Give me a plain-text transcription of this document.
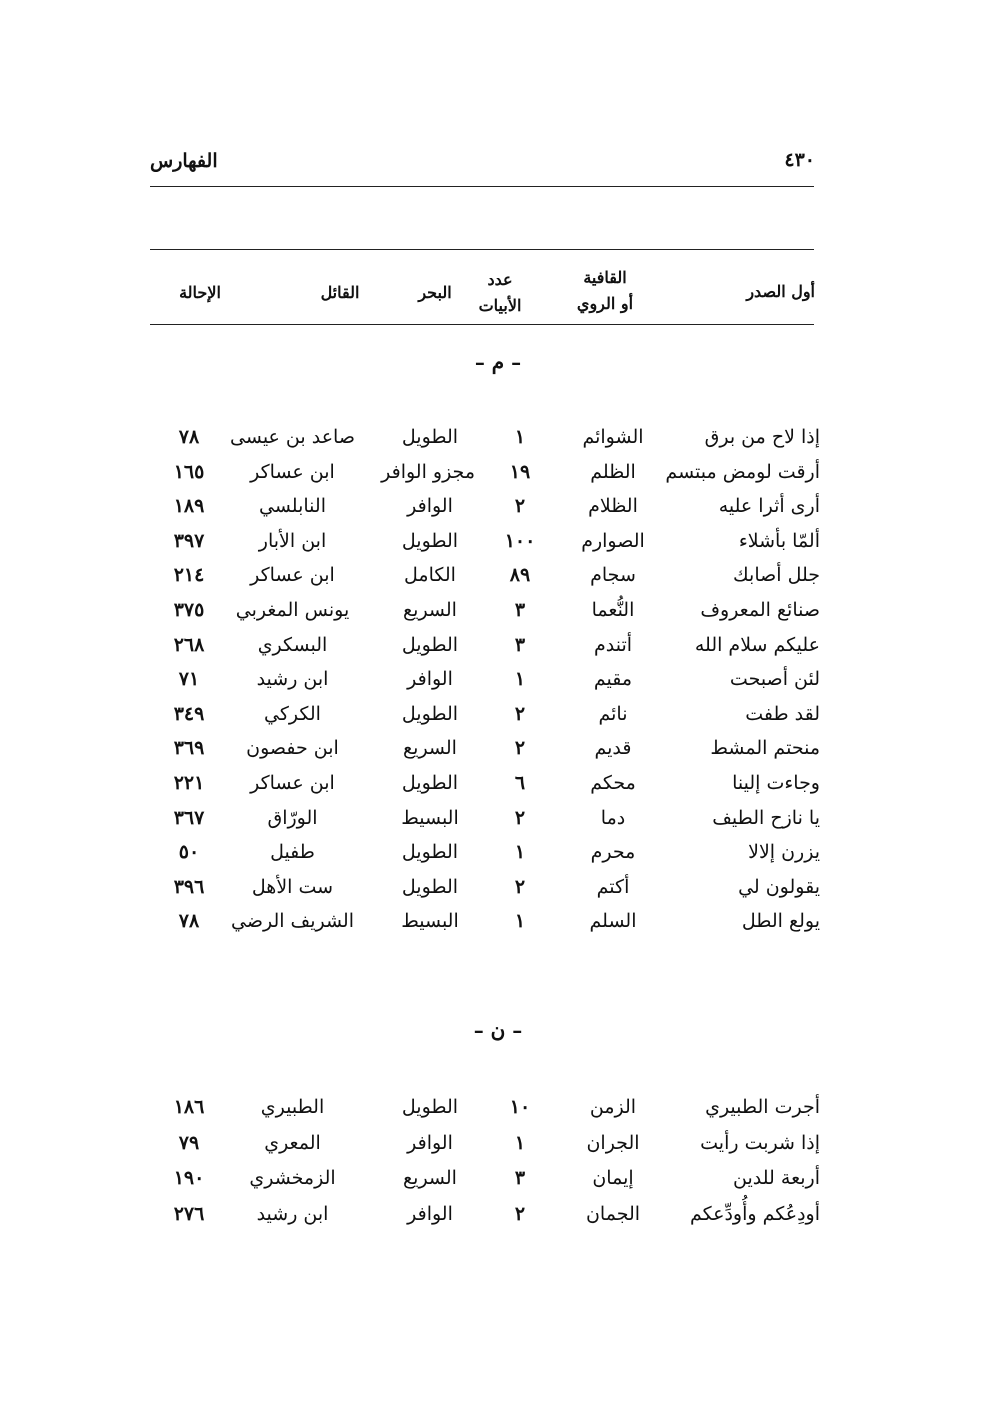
٤٣٠
الفهارس
أول الصدر
القافية
أو الروي
عدد
الأبيات
البحر
القائل
الإحالة
– م –
إذا لاح من برق
الشوائم
١
الطويل
صاعد بن عيسى
٧٨
أرقت لومض مبتسم
الظلم
١٩
مجزو الوافر
ابن عساكر
١٦٥
أرى أثرا عليه
الظلام
٢
الوافر
النابلسي
١٨٩
ألمّا بأشلاء
الصوارم
١٠٠
الطويل
ابن الأبار
٣٩٧
جلل أصابك
سجام
٨٩
الكامل
ابن عساكر
٢١٤
صنائع المعروف
النُّعما
٣
السريع
يونس المغربي
٣٧٥
عليكم سلام الله
أتندم
٣
الطويل
البسكري
٢٦٨
لئن أصبحت
مقيم
١
الوافر
ابن رشيد
٧١
لقد طفت
نائم
٢
الطويل
الكركي
٣٤٩
منحتم المشط
قديم
٢
السريع
ابن حفصون
٣٦٩
وجاءت إلينا
محكم
٦
الطويل
ابن عساكر
٢٢١
يا نازح الطيف
دما
٢
البسيط
الورّاق
٣٦٧
يزرن إلالا
محرم
١
الطويل
طفيل
٥٠
يقولون لي
أكتم
٢
الطويل
ست الأهل
٣٩٦
يولع الطل
السلم
١
البسيط
الشريف الرضي
٧٨
– ن –
أجرت الطبيري
الزمن
١٠
الطويل
الطبيري
١٨٦
إذا شربت رأيت
الجران
١
الوافر
المعري
٧٩
أربعة للدين
إيمان
٣
السريع
الزمخشري
١٩٠
أودِعُكم وأُودِّعكم
الجمان
٢
الوافر
ابن رشيد
٢٧٦
